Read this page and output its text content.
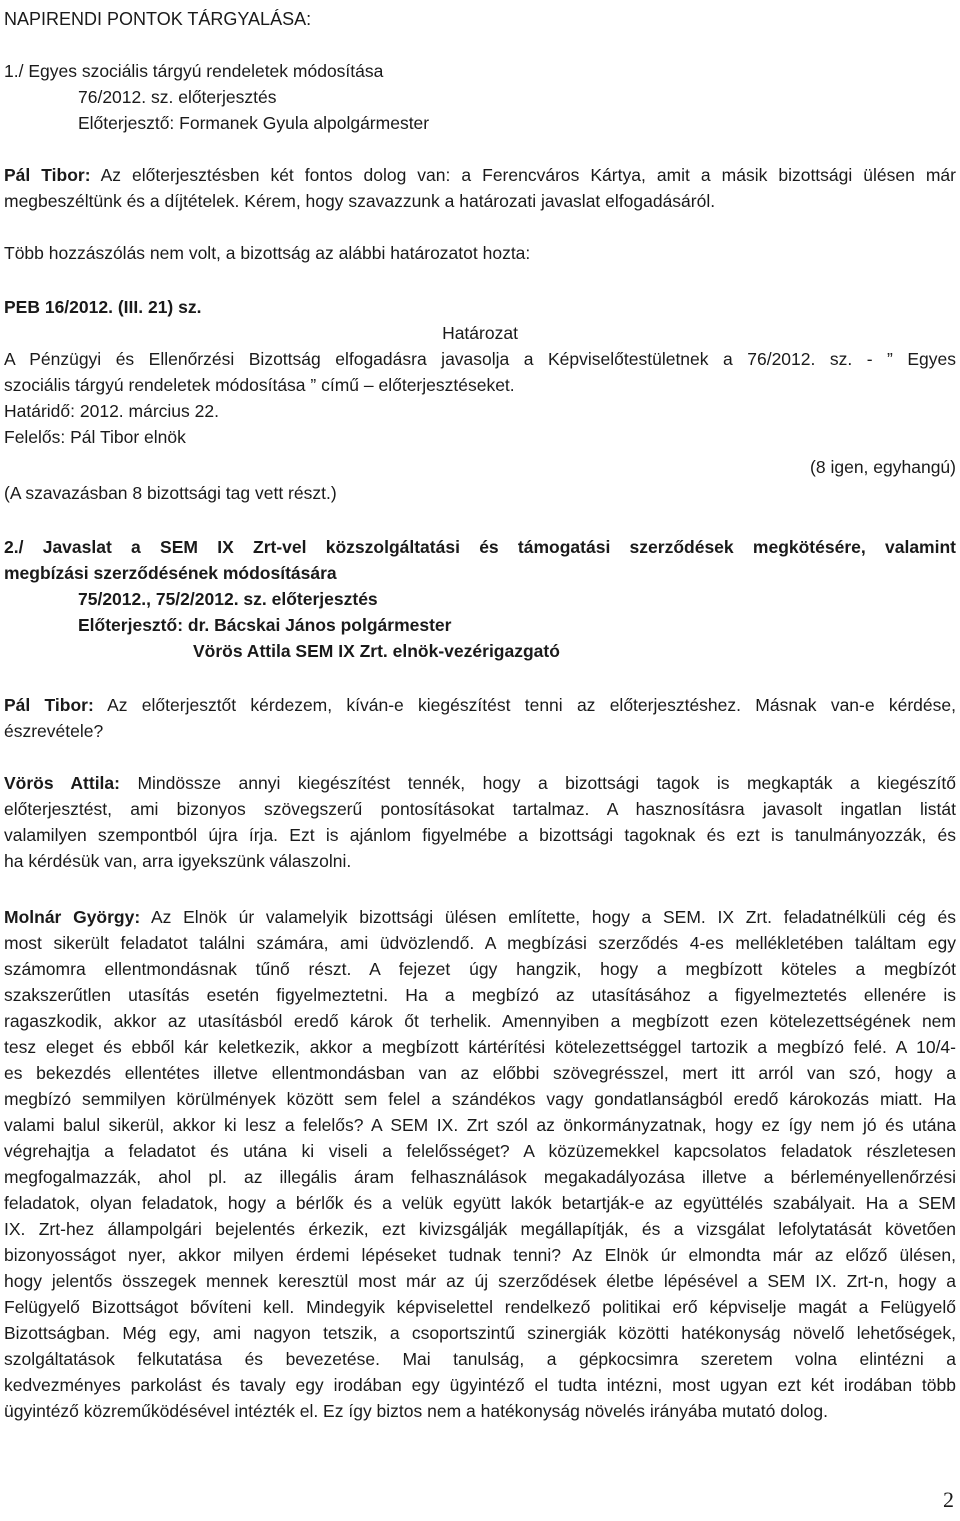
NAPIRENDI PONTOK TÁRGYALÁSA:
1./ Egyes szociális tárgyú rendeletek módosítása
76/2012. sz. előterjesztés
Előterjesztő: Formanek Gyula alpolgármester
Pál Tibor: Az előterjesztésben két fontos dolog van: a Ferencváros Kártya, amit a másik bizottsági ülésen már
megbeszéltünk és a díjtételek. Kérem, hogy szavazzunk a határozati javaslat elfogadásáról.
Több hozzászólás nem volt, a bizottság az alábbi határozatot hozta:
PEB 16/2012. (III. 21) sz.
Határozat
A Pénzügyi és Ellenőrzési Bizottság elfogadásra javasolja a Képviselőtestületnek a 76/2012. sz. - ” Egyes
szociális tárgyú rendeletek módosítása ” című – előterjesztéseket.
Határidő: 2012. március 22.
Felelős: Pál Tibor elnök
(8 igen, egyhangú)
(A szavazásban 8 bizottsági tag vett részt.)
2./ Javaslat a SEM IX Zrt-vel közszolgáltatási és támogatási szerződések megkötésére, valamint
megbízási szerződésének módosítására
75/2012., 75/2/2012. sz. előterjesztés
Előterjesztő: dr. Bácskai János polgármester
Vörös Attila SEM IX Zrt. elnök-vezérigazgató
Pál Tibor: Az előterjesztőt kérdezem, kíván-e kiegészítést tenni az előterjesztéshez. Másnak van-e kérdése,
észrevétele?
Vörös Attila: Mindössze annyi kiegészítést tennék, hogy a bizottsági tagok is megkapták a kiegészítő
előterjesztést, ami bizonyos szövegszerű pontosításokat tartalmaz. A hasznosításra javasolt ingatlan listát
valamilyen szempontból újra írja. Ezt is ajánlom figyelmébe a bizottsági tagoknak és ezt is tanulmányozzák, és
ha kérdésük van, arra igyekszünk válaszolni.
Molnár György: Az Elnök úr valamelyik bizottsági ülésen említette, hogy a SEM. IX Zrt. feladatnélküli cég és
most sikerült feladatot találni számára, ami üdvözlendő. A megbízási szerződés 4-es mellékletében találtam egy
számomra ellentmondásnak tűnő részt. A fejezet úgy hangzik, hogy a megbízott köteles a megbízót
szakszerűtlen utasítás esetén figyelmeztetni. Ha a megbízó az utasításához a figyelmeztetés ellenére is
ragaszkodik, akkor az utasításból eredő károk őt terhelik. Amennyiben a megbízott ezen kötelezettségének nem
tesz eleget és ebből kár keletkezik, akkor a megbízott kártérítési kötelezettséggel tartozik a megbízó felé. A 10/4-
es bekezdés ellentétes illetve ellentmondásban van az előbbi szövegrésszel, mert itt arról van szó, hogy a
megbízó semmilyen körülmények között sem felel a szándékos vagy gondatlanságból eredő károkozás miatt. Ha
valami balul sikerül, akkor ki lesz a felelős? A SEM IX. Zrt szól az önkormányzatnak, hogy ez így nem jó és utána
végrehajtja a feladatot és utána ki viseli a felelősséget? A közüzemekkel kapcsolatos feladatok részletesen
megfogalmazzák, ahol pl. az illegális áram felhasználások megakadályozása illetve a bérleményellenőrzési
feladatok, olyan feladatok, hogy a bérlők és a velük együtt lakók betartják-e az együttélés szabályait. Ha a SEM
IX. Zrt-hez állampolgári bejelentés érkezik, ezt kivizsgálják megállapítják, és a vizsgálat lefolytatását követően
bizonyosságot nyer, akkor milyen érdemi lépéseket tudnak tenni? Az Elnök úr elmondta már az előző ülésen,
hogy jelentős összegek mennek keresztül most már az új szerződések életbe lépésével a SEM IX. Zrt-n, hogy a
Felügyelő Bizottságot bővíteni kell. Mindegyik képviselettel rendelkező politikai erő képviselje magát a Felügyelő
Bizottságban. Még egy, ami nagyon tetszik, a csoportszintű szinergiák közötti hatékonyság növelő lehetőségek,
szolgáltatások felkutatása és bevezetése. Mai tanulság, a gépkocsimra szeretem volna elintézni a
kedvezményes parkolást és tavaly egy irodában egy ügyintéző el tudta intézni, most ugyan ezt két irodában több
ügyintéző közreműködésével intézték el. Ez így biztos nem a hatékonyság növelés irányába mutató dolog.
2
